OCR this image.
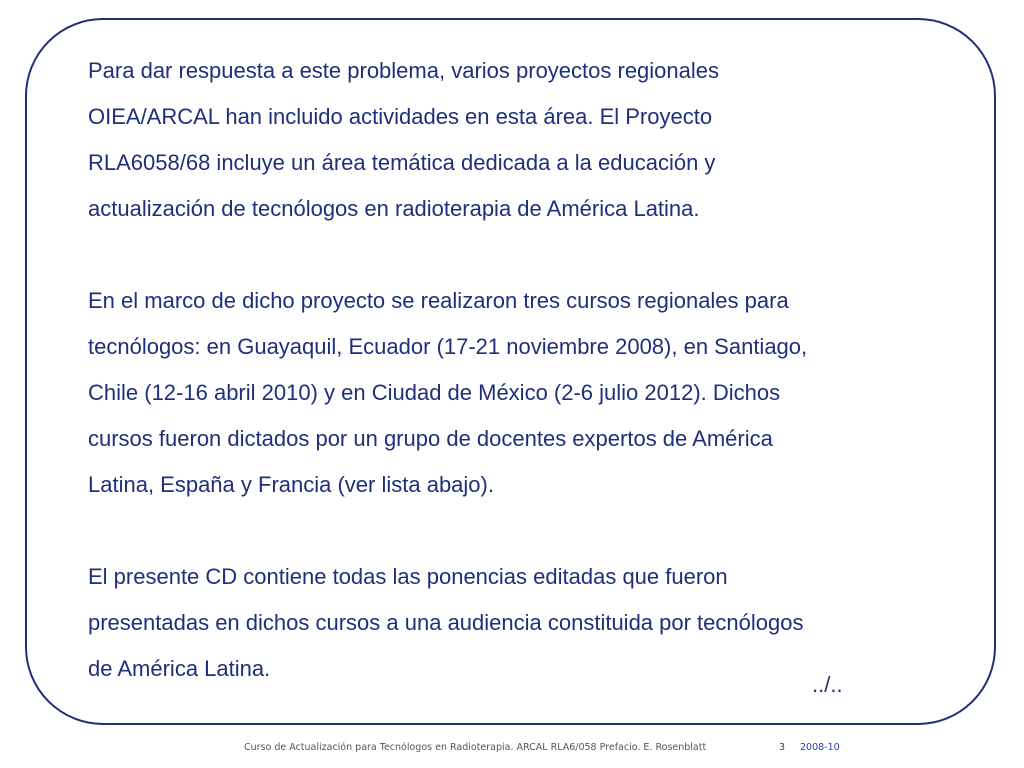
Para dar respuesta a este problema, varios proyectos regionales
OIEA/ARCAL han incluido actividades en esta área. El Proyecto
RLA6058/68 incluye un área temática dedicada a la educación y
actualización de tecnólogos en radioterapia de América Latina.

En el marco de dicho proyecto se realizaron tres cursos regionales para
tecnólogos: en Guayaquil, Ecuador (17-21 noviembre 2008), en Santiago,
Chile (12-16 abril 2010) y en Ciudad de México (2-6 julio 2012). Dichos
cursos fueron dictados por un grupo de docentes expertos de América
Latina, España y Francia (ver lista abajo).

El presente CD contiene todas las ponencias editadas que fueron
presentadas en dichos cursos a una audiencia constituida por tecnólogos
de América Latina.

../..
Curso de Actualización para Tecnólogos en Radioterapia. ARCAL RLA6/058 Prefacio. E. Rosenblatt	3 2008-10
